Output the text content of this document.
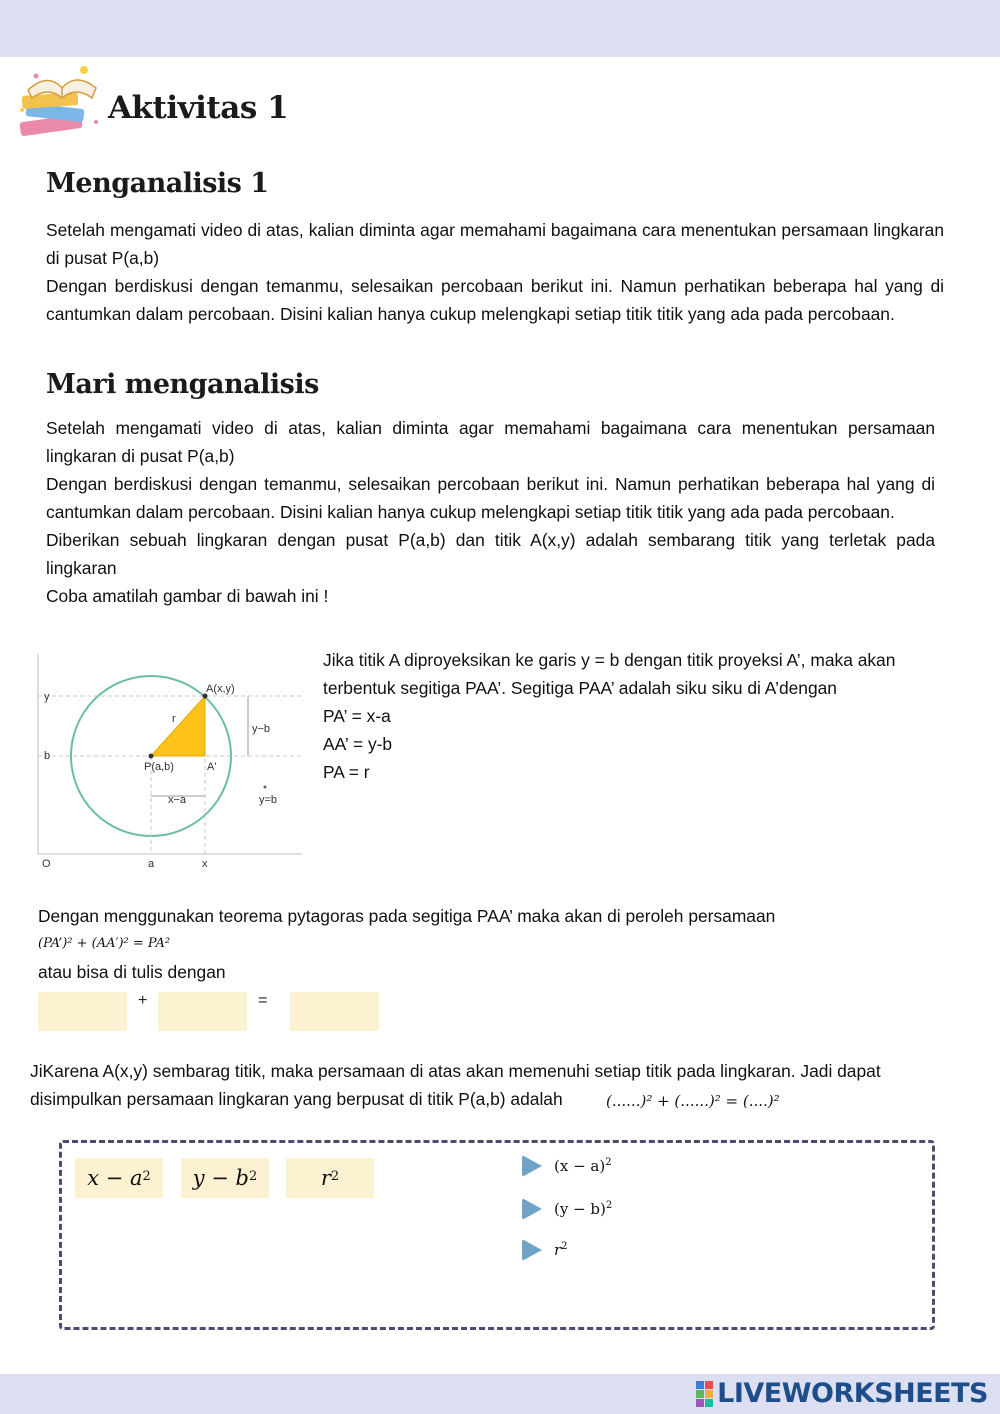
Aktivitas 1
Menganalisis 1

Setelah mengamati video di atas, kalian diminta agar memahami bagaimana cara menentukan persamaan lingkaran di pusat P(a,b)

Dengan berdiskusi dengan temanmu, selesaikan percobaan berikut ini. Namun perhatikan beberapa hal yang di cantumkan dalam percobaan. Disini kalian hanya cukup melengkapi setiap titik titik yang ada pada percobaan.

Mari menganalisis

Setelah mengamati video di atas, kalian diminta agar memahami bagaimana cara menentukan persamaan lingkaran di pusat P(a,b)

Dengan berdiskusi dengan temanmu, selesaikan percobaan berikut ini. Namun perhatikan beberapa hal yang di cantumkan dalam percobaan. Disini kalian hanya cukup melengkapi setiap titik titik yang ada pada percobaan.

Diberikan sebuah lingkaran dengan pusat P(a,b) dan titik A(x,y) adalah sembarang titik yang terletak pada lingkaran

Coba amatilah gambar di bawah ini !

A(x,y)
r
y−b
P(a,b)	A'
x−a	y=b
y
b
O	a	x
Jika titik A diproyeksikan ke garis y = b dengan titik proyeksi A’, maka akan
terbentuk segitiga PAA’. Segitiga PAA’ adalah siku siku di A’dengan
PA’ = x-a
AA’ = y-b
PA = r
Dengan menggunakan teorema pytagoras pada segitiga PAA’ maka akan di peroleh persamaan
(PA’)² + (AA′)² = PA²
atau bisa di tulis dengan
+	=
JiKarena A(x,y) sembarag titik, maka persamaan di atas akan memenuhi setiap titik pada lingkaran. Jadi dapat
disimpulkan persamaan lingkaran yang berpusat di titik P(a,b) adalah	(......)² + (......)² = (....)²
$x - a^2$ $y - b^2$	$r^2$
$(x - a)^2$
$(y - b)^2$
$r^2$
LIVEWORKSHEETS
